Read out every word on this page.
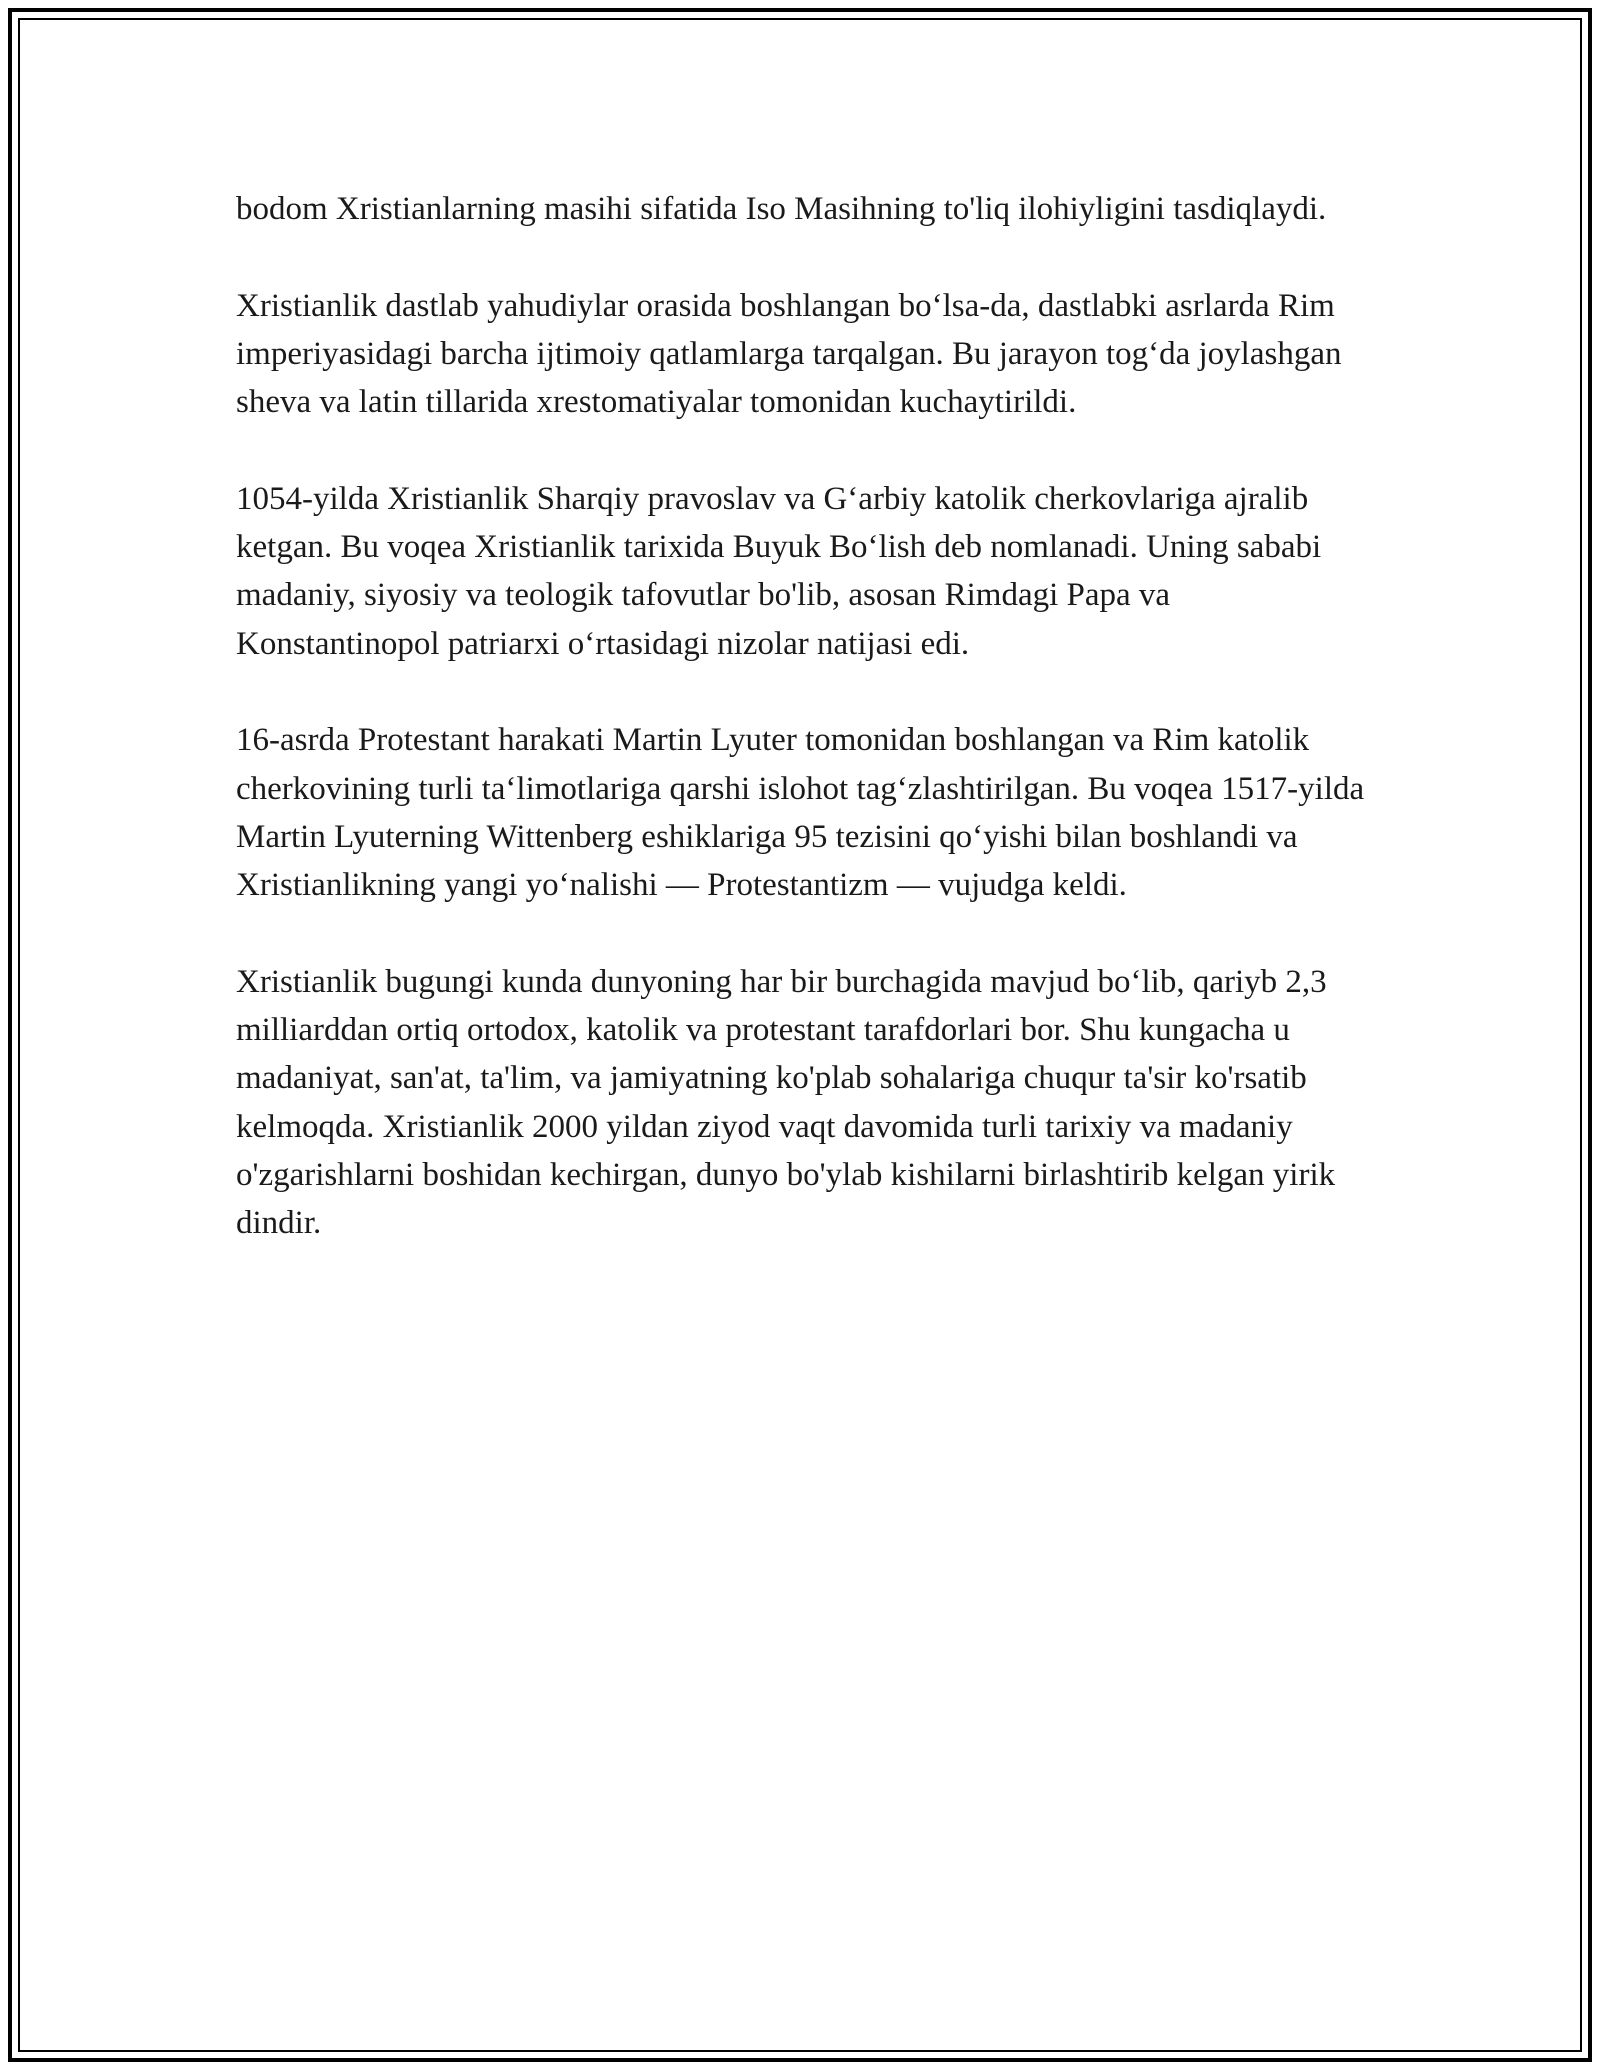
bodom Xristianlarning masihi sifatida Iso Masihning to'liq ilohiyligini tasdiqlaydi.

Xristianlik dastlab yahudiylar orasida boshlangan bo‘lsa-da, dastlabki asrlarda Rim imperiyasidagi barcha ijtimoiy qatlamlarga tarqalgan. Bu jarayon tog‘da joylashgan sheva va latin tillarida xrestomatiyalar tomonidan kuchaytirildi.

1054-yilda Xristianlik Sharqiy pravoslav va G‘arbiy katolik cherkovlariga ajralib ketgan. Bu voqea Xristianlik tarixida Buyuk Bo‘lish deb nomlanadi. Uning sababi madaniy, siyosiy va teologik tafovutlar bo'lib, asosan Rimdagi Papa va Konstantinopol patriarxi o‘rtasidagi nizolar natijasi edi.

16-asrda Protestant harakati Martin Lyuter tomonidan boshlangan va Rim katolik cherkovining turli ta‘limotlariga qarshi islohot tag‘zlashtirilgan. Bu voqea 1517-yilda Martin Lyuterning Wittenberg eshiklariga 95 tezisini qo‘yishi bilan boshlandi va Xristianlikning yangi yo‘nalishi — Protestantizm — vujudga keldi.

Xristianlik bugungi kunda dunyoning har bir burchagida mavjud bo‘lib, qariyb 2,3 milliarddan ortiq ortodox, katolik va protestant tarafdorlari bor. Shu kungacha u madaniyat, san'at, ta'lim, va jamiyatning ko'plab sohalariga chuqur ta'sir ko'rsatib kelmoqda. Xristianlik 2000 yildan ziyod vaqt davomida turli tarixiy va madaniy o'zgarishlarni boshidan kechirgan, dunyo bo'ylab kishilarni birlashtirib kelgan yirik dindir.
